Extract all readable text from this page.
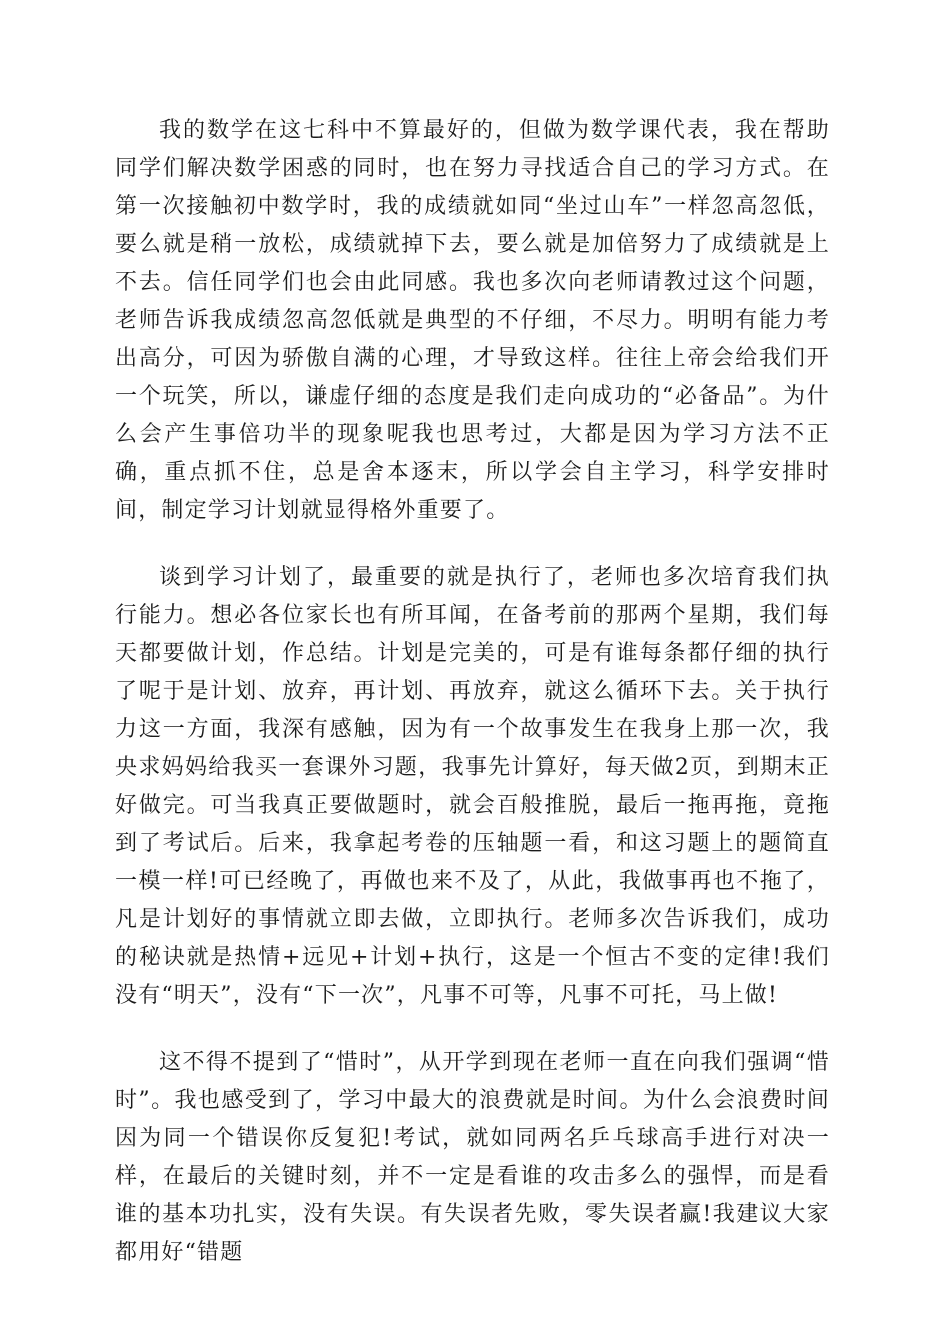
我的数学在这七科中不算最好的，但做为数学课代表，我在帮助同学们解决数学困惑的同时，也在努力寻找适合自己的学习方式。在第一次接触初中数学时，我的成绩就如同“坐过山车”一样忽高忽低，要么就是稍一放松，成绩就掉下去，要么就是加倍努力了成绩就是上不去。信任同学们也会由此同感。我也多次向老师请教过这个问题，老师告诉我成绩忽高忽低就是典型的不仔细，不尽力。明明有能力考出高分，可因为骄傲自满的心理，才导致这样。往往上帝会给我们开一个玩笑，所以，谦虚仔细的态度是我们走向成功的“必备品”。为什么会产生事倍功半的现象呢我也思考过，大都是因为学习方法不正确，重点抓不住，总是舍本逐末，所以学会自主学习，科学安排时间，制定学习计划就显得格外重要了。

谈到学习计划了，最重要的就是执行了，老师也多次培育我们执行能力。想必各位家长也有所耳闻，在备考前的那两个星期，我们每天都要做计划，作总结。计划是完美的，可是有谁每条都仔细的执行了呢于是计划、放弃，再计划、再放弃，就这么循环下去。关于执行力这一方面，我深有感触，因为有一个故事发生在我身上那一次，我央求妈妈给我买一套课外习题，我事先计算好，每天做2页，到期末正好做完。可当我真正要做题时，就会百般推脱，最后一拖再拖，竟拖到了考试后。后来，我拿起考卷的压轴题一看，和这习题上的题简直一模一样!可已经晚了，再做也来不及了，从此，我做事再也不拖了，凡是计划好的事情就立即去做，立即执行。老师多次告诉我们，成功的秘诀就是热情+远见+计划+执行，这是一个恒古不变的定律!我们没有“明天”，没有“下一次”，凡事不可等，凡事不可托，马上做!

这不得不提到了“惜时”，从开学到现在老师一直在向我们强调“惜时”。我也感受到了，学习中最大的浪费就是时间。为什么会浪费时间因为同一个错误你反复犯!考试，就如同两名乒乓球高手进行对决一样，在最后的关键时刻，并不一定是看谁的攻击多么的强悍，而是看谁的基本功扎实，没有失误。有失误者先败，零失误者赢!我建议大家都用好“错题
